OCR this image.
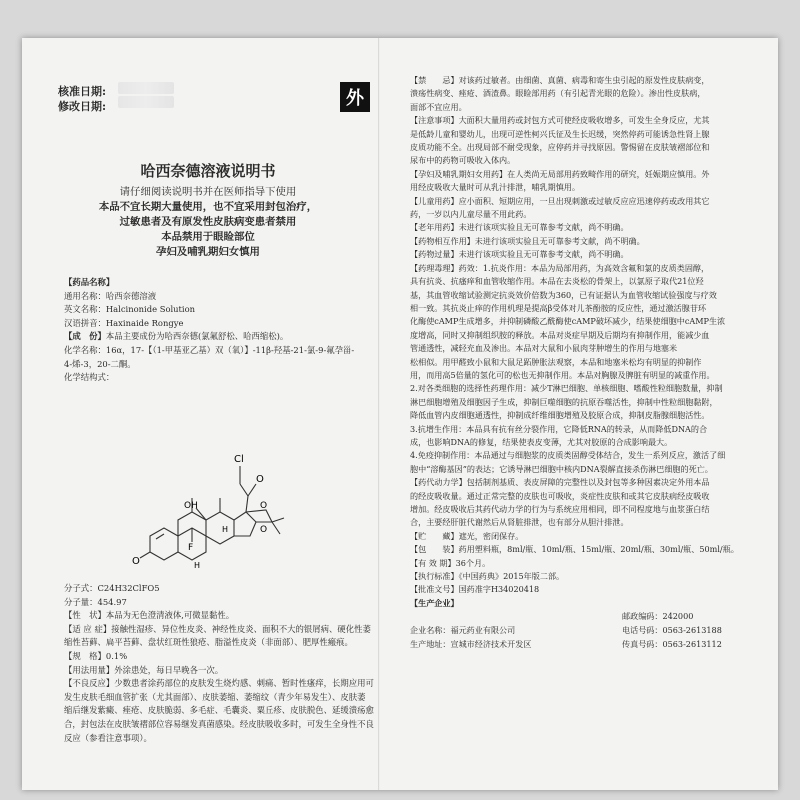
核准日期:
修改日期:	外

哈西奈德溶液说明书

请仔细阅读说明书并在医师指导下使用

本品不宜长期大量使用，也不宜采用封包治疗，

过敏患者及有原发性皮肤病变患者禁用

本品禁用于眼睑部位

孕妇及哺乳期妇女慎用

【药品名称】

通用名称：哈西奈德溶液

英文名称：Halcinonide Solution

汉语拼音：Haxinaide Rongye

【成　份】本品主要成份为哈西奈德(氯氟舒松、哈西缩松)。

化学名称：16α，17-【（1-甲基亚乙基）双（氧）】-11β-羟基-21-氯-9-氟孕甾-

4-烯-3，20-二酮。

化学结构式：

Cl
O
O
O
OH
F
H
H
O

分子式：C24H32ClFO5

分子量：454.97

【性　状】本品为无色澄清液体,可微显黏性。

【适 应 症】接触性湿疹、异位性皮炎、神经性皮炎、面积不大的银屑病、硬化性萎

缩性苔藓、扁平苔藓、盘状红斑性狼疮、脂溢性皮炎（非面部）、肥厚性瘢痕。

【规　格】0.1%

【用法用量】外涂患处，每日早晚各一次。

【不良反应】少数患者涂药部位的皮肤发生烧灼感、刺痛、暂时性瘙痒，长期应用可

发生皮肤毛细血管扩张（尤其面部）、皮肤萎缩、萎缩纹（青少年易发生）、皮肤萎

缩后继发紫癜、痤疮、皮肤脆弱、多毛症、毛囊炎、粟丘疹、皮肤脱色、延缓溃疡愈

合，封包法在皮肤皱褶部位容易继发真菌感染。经皮肤吸收多时，可发生全身性不良

反应（参看注意事项）。

【禁　　忌】对该药过敏者。由细菌、真菌、病毒和寄生虫引起的原发性皮肤病变，

溃疡性病变、痤疮、酒渣鼻。眼睑部用药（有引起青光眼的危险）。渗出性皮肤病，

面部不宜应用。

【注意事项】大面积大量用药或封包方式可使经皮吸收增多，可发生全身反应，尤其

是低龄儿童和婴幼儿，出现可逆性柯兴氏征及生长迟缓，突然停药可能诱急性肾上腺

皮质功能不全。出现局部不耐受现象，应停药并寻找原因。警惕留在皮肤皱褶部位和

尿布中的药物可吸收入体内。

【孕妇及哺乳期妇女用药】在人类尚无局部用药致畸作用的研究，妊娠期应慎用。外

用经皮吸收大量时可从乳汁排泄，哺乳期慎用。

【儿童用药】应小面积、短期应用，一旦出现刺激或过敏反应应迅速停药或改用其它

药，一岁以内儿童尽量不用此药。

【老年用药】未进行该项实验且无可靠参考文献，尚不明确。

【药物相互作用】未进行该项实验且无可靠参考文献，尚不明确。

【药物过量】未进行该项实验且无可靠参考文献，尚不明确。

【药理毒理】药效：1.抗炎作用：本品为局部用药，为高效含氟和氯的皮质类固醇，

具有抗炎、抗瘙痒和血管收缩作用。本品在去炎松的骨架上，以氯原子取代21位羟

基，其血管收缩试验测定抗炎效价倍数为360，已有证据认为血管收缩试验强度与疗效

相一致。其抗炎止痒的作用机理是提高β受体对儿茶酚胺的反应性，通过激活腺苷环

化酶使cAMP生成增多，并抑制磷酸乙酰酶使cAMP破坏减少，结果使细胞中cAMP生浓

度增高，同时又抑制组织胺的释放。本品对炎症早期及后期均有抑制作用，能减少血

管通透性，减轻充血及渗出。本品对大鼠和小鼠肉芽肿增生的作用与地塞米

松相似。用甲醛致小鼠和大鼠足跖肿胀法观察，本品和地塞米松均有明显的抑制作

用，而用高5倍量的氢化可的松也无抑制作用。本品对胸腺及脾脏有明显的减重作用。

2.对各类细胞的选择性药理作用：减少T淋巴细胞、单核细胞、嗜酸性粒细胞数量，抑制

淋巴细胞增殖及细胞因子生成，抑制巨噬细胞的抗原吞噬活性，抑制中性粒细胞黏附，

降低血管内皮细胞通透性，抑制成纤维细胞增殖及胶原合成，抑制皮脂腺细胞活性。

3.抗增生作用：本品具有抗有丝分裂作用，它降低RNA的转录，从而降低DNA的合

成，也影响DNA的修复，结果使表皮变薄，尤其对胶原的合成影响最大。

4.免疫抑制作用：本品通过与细胞浆的皮质类固醇受体结合，发生一系列反应，激活了细

胞中“溶酶基因”的表达；它诱导淋巴细胞中核内DNA裂解直接杀伤淋巴细胞的死亡。

【药代动力学】包括制剂基质、表皮屏障的完整性以及封包等多种因素决定外用本品

的经皮吸收量。通过正常完整的皮肤也可吸收，炎症性皮肤和或其它皮肤病经皮吸收

增加。经皮吸收后其药代动力学的行为与系统应用相同，即不同程度地与血浆蛋白结

合，主要经肝脏代谢然后从肾脏排泄，也有部分从胆汁排泄。

【贮　　藏】遮光，密闭保存。

【包　　装】药用塑料瓶，8ml/瓶、10ml/瓶、15ml/瓶、20ml/瓶、30ml/瓶、50ml/瓶。

【有 效 期】36个月。

【执行标准】《中国药典》2015年版二部。

【批准文号】国药准字H34020418

【生产企业】

企业名称：福元药业有限公司

生产地址：宣城市经济技术开发区

邮政编码：242000

电话号码：0563-2613188

传真号码：0563-2613112
